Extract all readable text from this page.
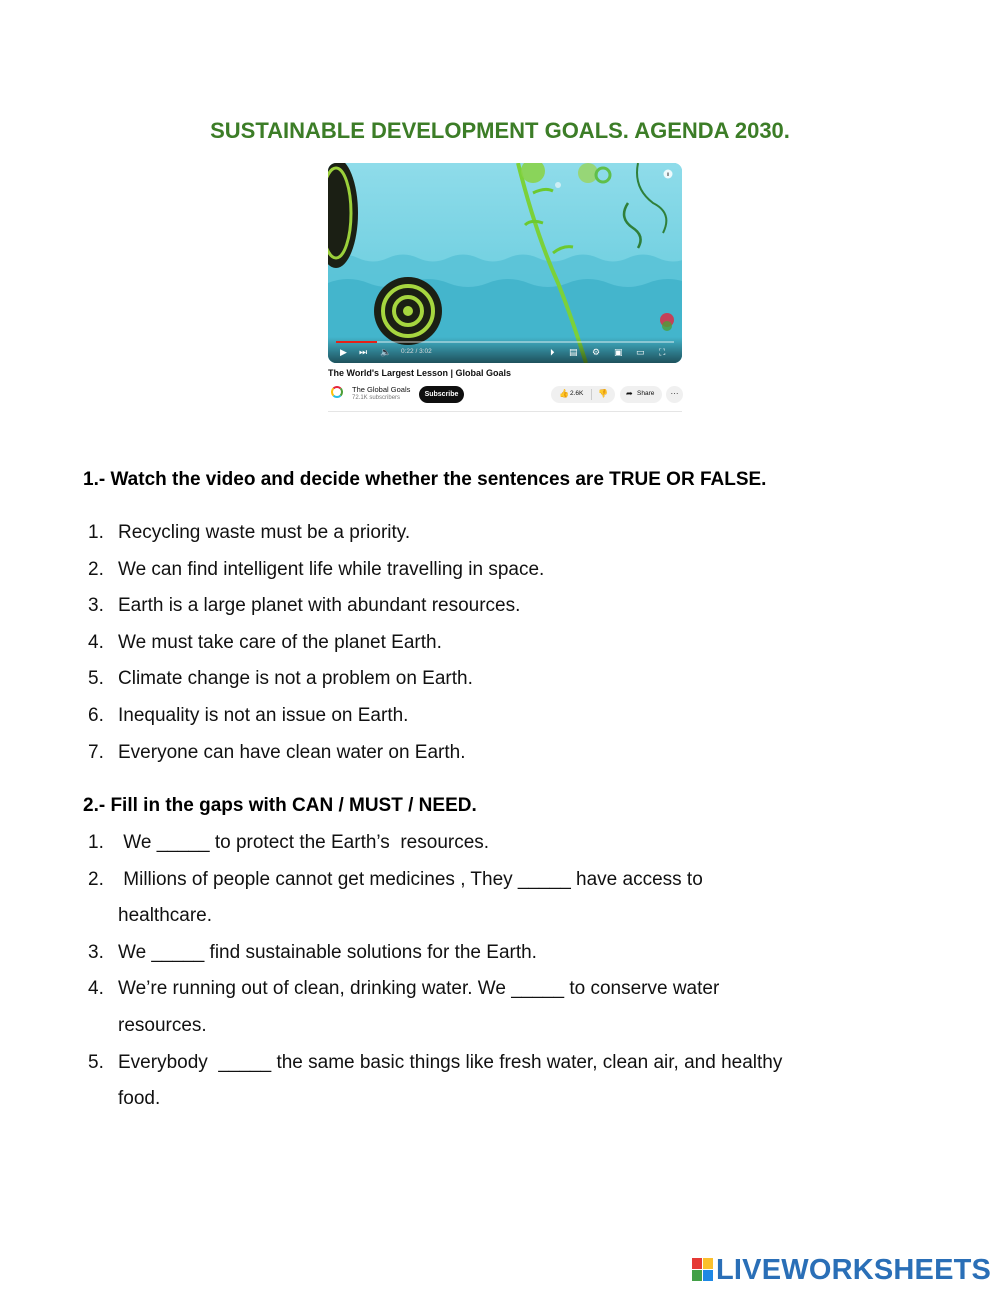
SUSTAINABLE DEVELOPMENT GOALS. AGENDA 2030.
▶ ⏭ 🔈 0:22 / 3:02	⏵ ▤ ⚙ ▣ ▭ ⛶
The World's Largest Lesson | Global Goals
The Global Goals
72.1K subscribers	Subscribe	👍 2.6K 👎 ➦ Share	···
1.- Watch the video and decide whether the sentences are TRUE OR FALSE.
1. Recycling waste must be a priority.
2. We can find intelligent life while travelling in space.
3. Earth is a large planet with abundant resources.
4. We must take care of the planet Earth.
5. Climate change is not a problem on Earth.
6. Inequality is not an issue on Earth.
7. Everyone can have clean water on Earth.
2.- Fill in the gaps with CAN / MUST / NEED.
1. We _____ to protect the Earth’s  resources.
2. Millions of people cannot get medicines , They _____ have access to
healthcare.
3. We _____ find sustainable solutions for the Earth.
4. We’re running out of clean, drinking water. We _____ to conserve water
resources.
5. Everybody  _____ the same basic things like fresh water, clean air, and healthy
food.
LIVEWORKSHEETS
